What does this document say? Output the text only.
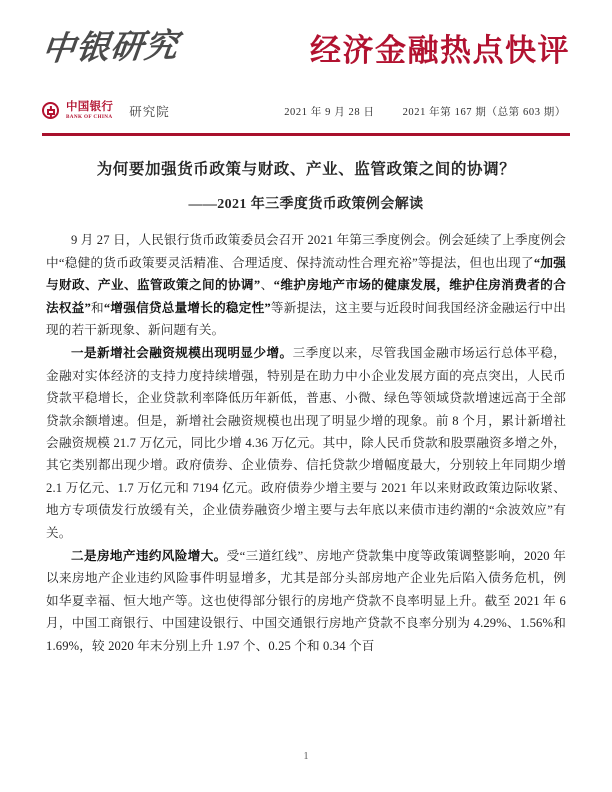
中银研究	经济金融热点快评
中国银行
BANK OF CHINA 研究院	2021 年 9 月 28 日	2021 年第 167 期（总第 603 期）
为何要加强货币政策与财政、产业、监管政策之间的协调？
——2021 年三季度货币政策例会解读

9 月 27 日，人民银行货币政策委员会召开 2021 年第三季度例会。例会延续了上季度例会中“稳健的货币政策要灵活精准、合理适度、保持流动性合理充裕”等提法，但也出现了“加强与财政、产业、监管政策之间的协调”、“维护房地产市场的健康发展，维护住房消费者的合法权益”和“增强信贷总量增长的稳定性”等新提法，这主要与近段时间我国经济金融运行中出现的若干新现象、新问题有关。

一是新增社会融资规模出现明显少增。三季度以来，尽管我国金融市场运行总体平稳，金融对实体经济的支持力度持续增强，特别是在助力中小企业发展方面的亮点突出，人民币贷款平稳增长，企业贷款利率降低历年新低，普惠、小微、绿色等领域贷款增速远高于全部贷款余额增速。但是，新增社会融资规模也出现了明显少增的现象。前 8 个月，累计新增社会融资规模 21.7 万亿元，同比少增 4.36 万亿元。其中，除人民币贷款和股票融资多增之外，其它类别都出现少增。政府债券、企业债券、信托贷款少增幅度最大，分别较上年同期少增 2.1 万亿元、1.7 万亿元和 7194 亿元。政府债券少增主要与 2021 年以来财政政策边际收紧、地方专项债发行放缓有关，企业债券融资少增主要与去年底以来债市违约潮的“余波效应”有关。

二是房地产违约风险增大。受“三道红线”、房地产贷款集中度等政策调整影响，2020 年以来房地产企业违约风险事件明显增多，尤其是部分头部房地产企业先后陷入债务危机，例如华夏幸福、恒大地产等。这也使得部分银行的房地产贷款不良率明显上升。截至 2021 年 6 月，中国工商银行、中国建设银行、中国交通银行房地产贷款不良率分别为 4.29%、1.56%和 1.69%，较 2020 年末分别上升 1.97 个、0.25 个和 0.34 个百

1
